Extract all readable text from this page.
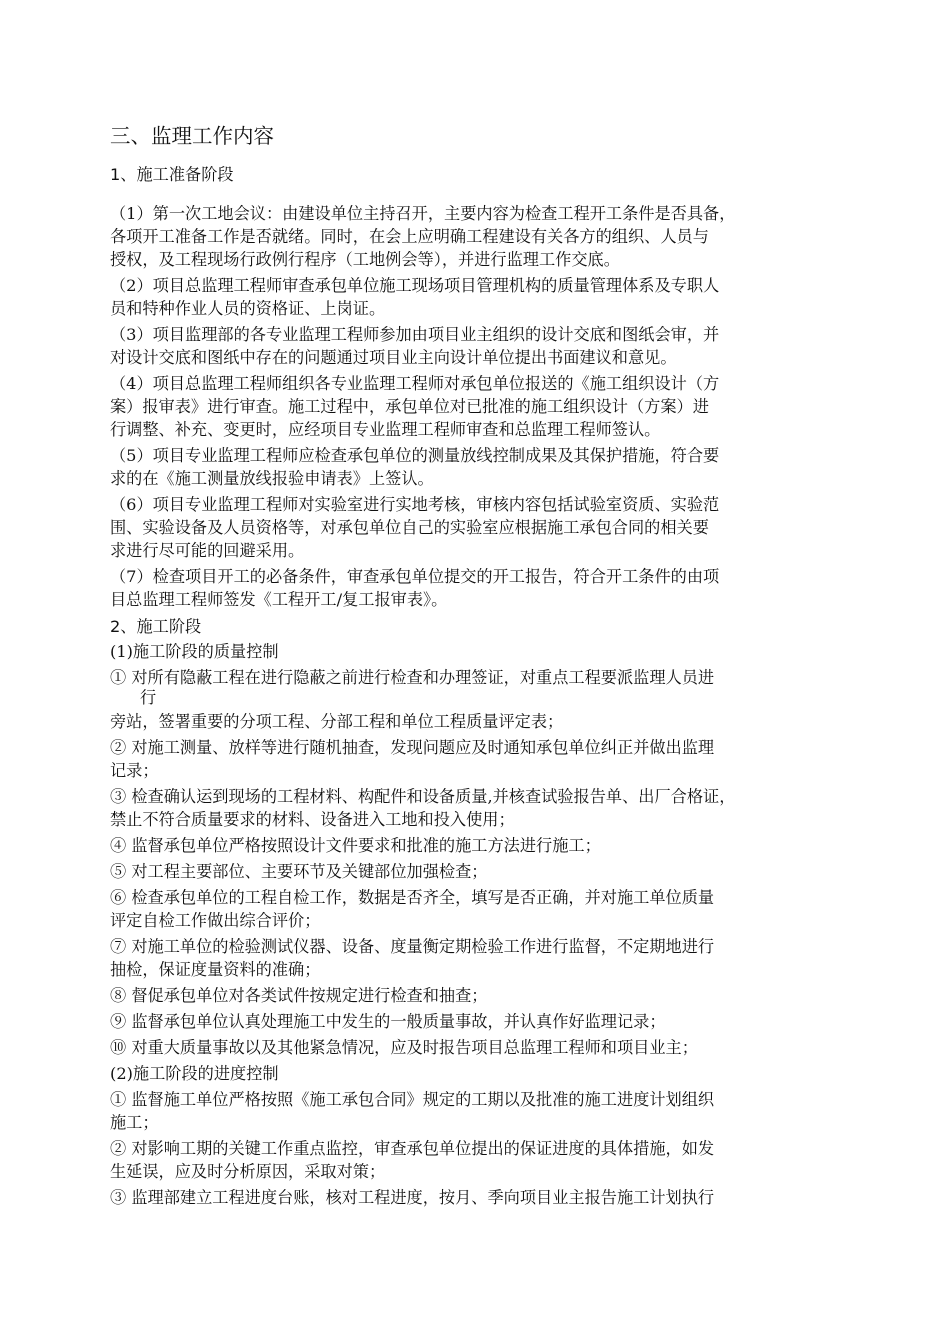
三、监理工作内容
1、施工准备阶段
（1）第一次工地会议：由建设单位主持召开，主要内容为检查工程开工条件是否具备，
各项开工准备工作是否就绪。同时，在会上应明确工程建设有关各方的组织、人员与
授权，及工程现场行政例行程序（工地例会等），并进行监理工作交底。
（2）项目总监理工程师审查承包单位施工现场项目管理机构的质量管理体系及专职人
员和特种作业人员的资格证、上岗证。
（3）项目监理部的各专业监理工程师参加由项目业主组织的设计交底和图纸会审，并
对设计交底和图纸中存在的问题通过项目业主向设计单位提出书面建议和意见。
（4）项目总监理工程师组织各专业监理工程师对承包单位报送的《施工组织设计（方
案）报审表》进行审查。施工过程中，承包单位对已批准的施工组织设计（方案）进
行调整、补充、变更时，应经项目专业监理工程师审查和总监理工程师签认。
（5）项目专业监理工程师应检查承包单位的测量放线控制成果及其保护措施，符合要
求的在《施工测量放线报验申请表》上签认。
（6）项目专业监理工程师对实验室进行实地考核，审核内容包括试验室资质、实验范
围、实验设备及人员资格等，对承包单位自己的实验室应根据施工承包合同的相关要
求进行尽可能的回避采用。
（7）检查项目开工的必备条件，审查承包单位提交的开工报告，符合开工条件的由项
目总监理工程师签发《工程开工/复工报审表》。
2、施工阶段
(1)施工阶段的质量控制
① 对所有隐蔽工程在进行隐蔽之前进行检查和办理签证，对重点工程要派监理人员进
行
旁站，签署重要的分项工程、分部工程和单位工程质量评定表；
② 对施工测量、放样等进行随机抽查，发现问题应及时通知承包单位纠正并做出监理
记录；
③ 检查确认运到现场的工程材料、构配件和设备质量,并核查试验报告单、出厂合格证，
禁止不符合质量要求的材料、设备进入工地和投入使用；
④ 监督承包单位严格按照设计文件要求和批准的施工方法进行施工；
⑤ 对工程主要部位、主要环节及关键部位加强检查；
⑥ 检查承包单位的工程自检工作，数据是否齐全，填写是否正确，并对施工单位质量
评定自检工作做出综合评价；
⑦ 对施工单位的检验测试仪器、设备、度量衡定期检验工作进行监督，不定期地进行
抽检，保证度量资料的准确；
⑧ 督促承包单位对各类试件按规定进行检查和抽查；
⑨ 监督承包单位认真处理施工中发生的一般质量事故，并认真作好监理记录；
⑩ 对重大质量事故以及其他紧急情况，应及时报告项目总监理工程师和项目业主；
(2)施工阶段的进度控制
① 监督施工单位严格按照《施工承包合同》规定的工期以及批准的施工进度计划组织
施工；
② 对影响工期的关键工作重点监控，审查承包单位提出的保证进度的具体措施，如发
生延误，应及时分析原因，采取对策；
③ 监理部建立工程进度台账，核对工程进度，按月、季向项目业主报告施工计划执行
